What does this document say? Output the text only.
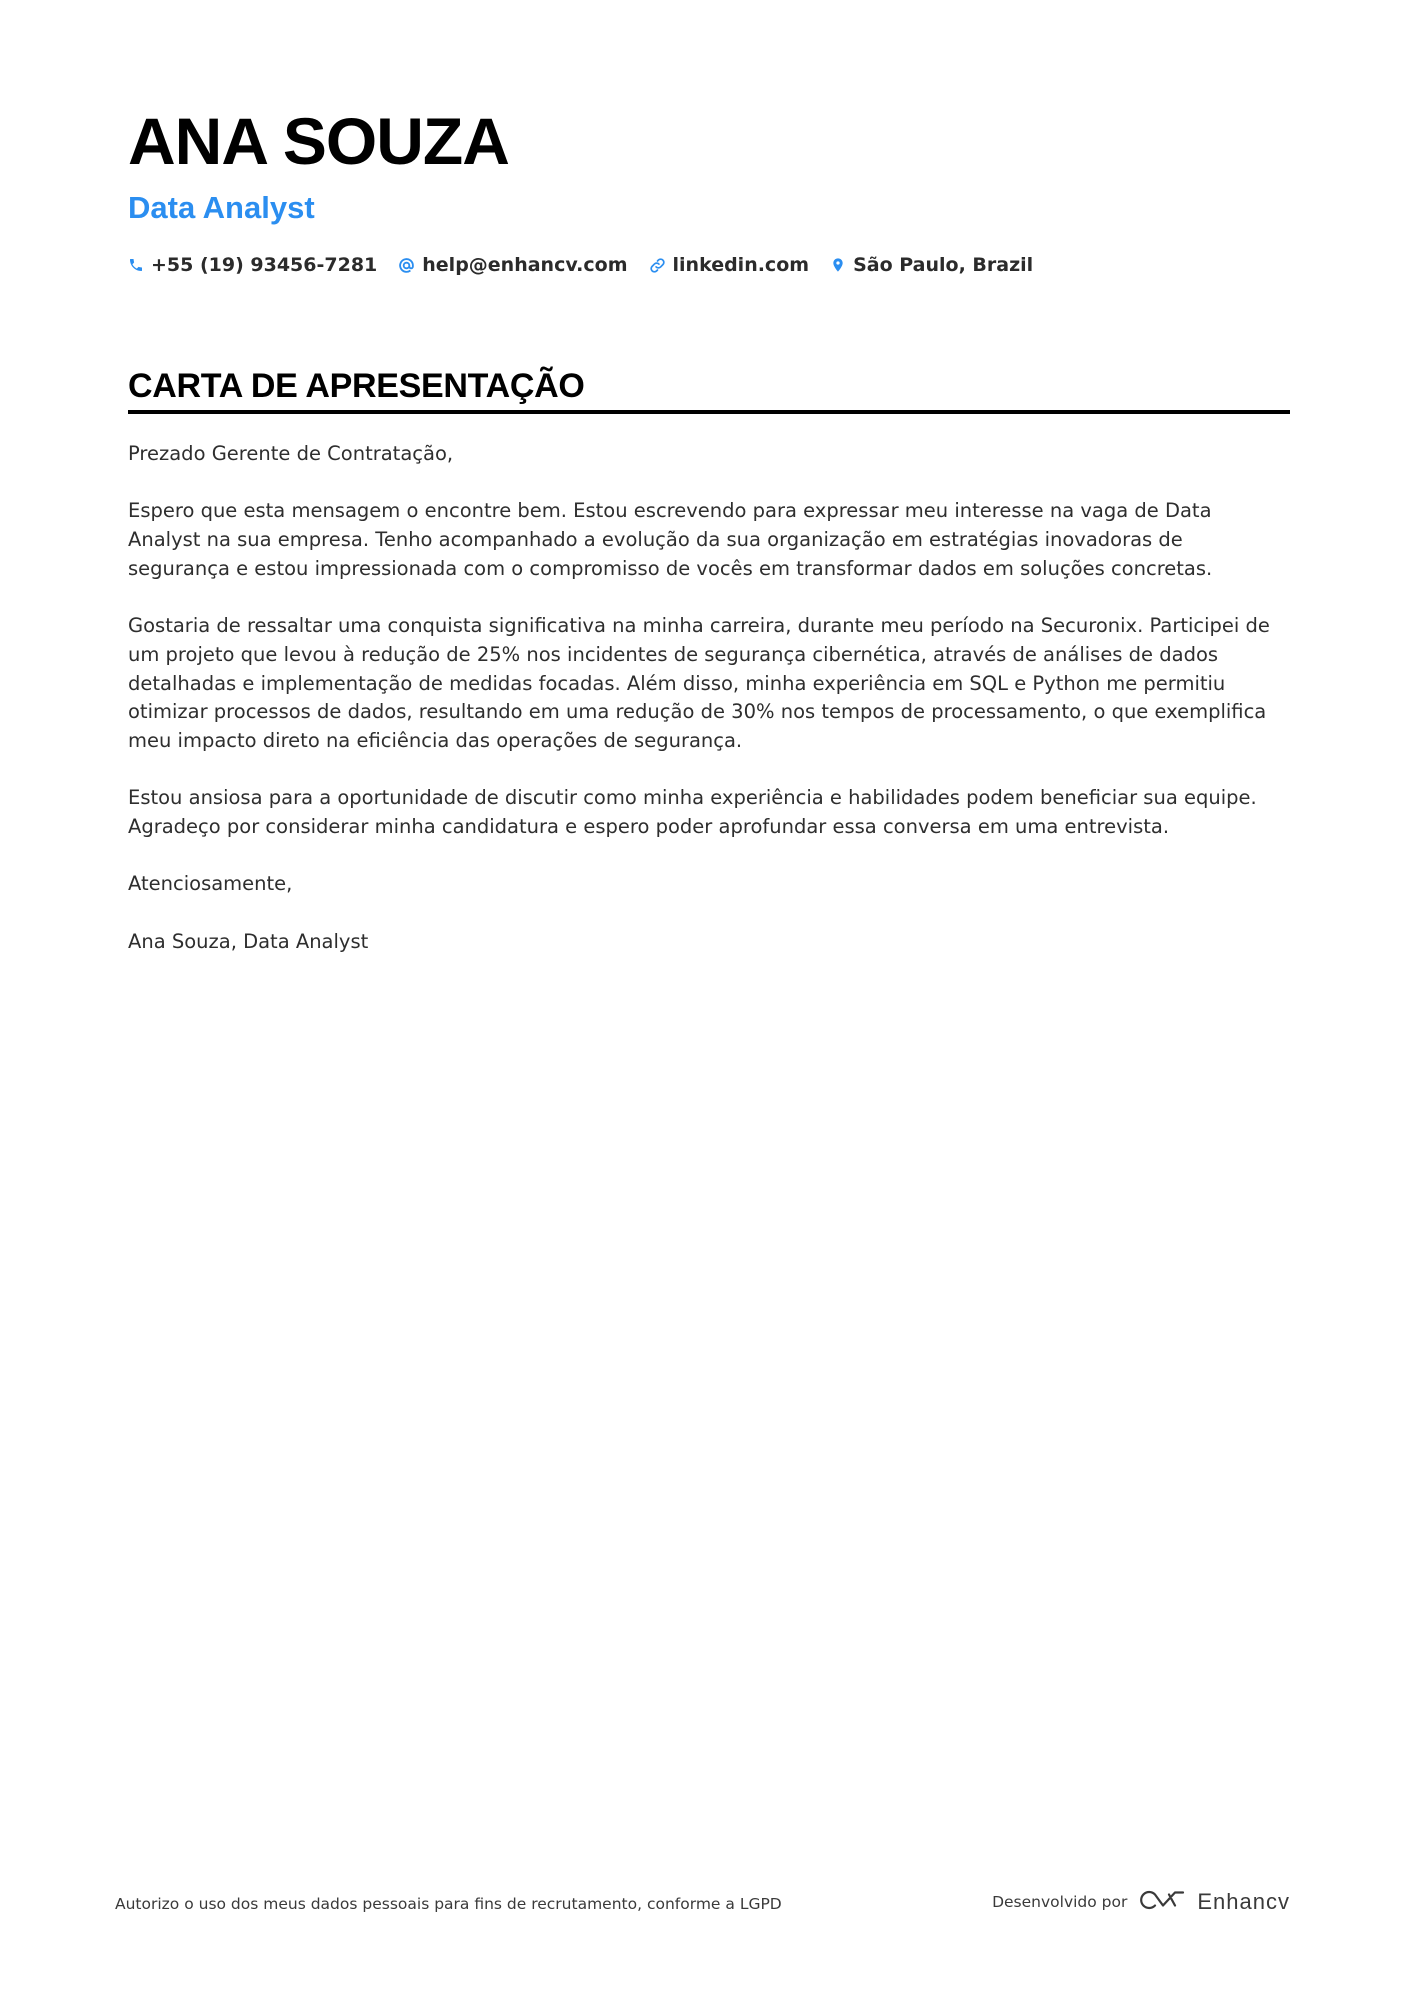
ANA SOUZA
Data Analyst
+55 (19) 93456-7281 help@enhancv.com linkedin.com São Paulo, Brazil
CARTA DE APRESENTAÇÃO

Prezado Gerente de Contratação,

Espero que esta mensagem o encontre bem. Estou escrevendo para expressar meu interesse na vaga de Data Analyst na sua empresa. Tenho acompanhado a evolução da sua organização em estratégias inovadoras de segurança e estou impressionada com o compromisso de vocês em transformar dados em soluções concretas.

Gostaria de ressaltar uma conquista significativa na minha carreira, durante meu período na Securonix. Participei de um projeto que levou à redução de 25% nos incidentes de segurança cibernética, através de análises de dados detalhadas e implementação de medidas focadas. Além disso, minha experiência em SQL e Python me permitiu otimizar processos de dados, resultando em uma redução de 30% nos tempos de processamento, o que exemplifica meu impacto direto na eficiência das operações de segurança.

Estou ansiosa para a oportunidade de discutir como minha experiência e habilidades podem beneficiar sua equipe. Agradeço por considerar minha candidatura e espero poder aprofundar essa conversa em uma entrevista.

Atenciosamente,

Ana Souza, Data Analyst

Autorizo o uso dos meus dados pessoais para fins de recrutamento, conforme a LGPD	Desenvolvido por	Enhancv
